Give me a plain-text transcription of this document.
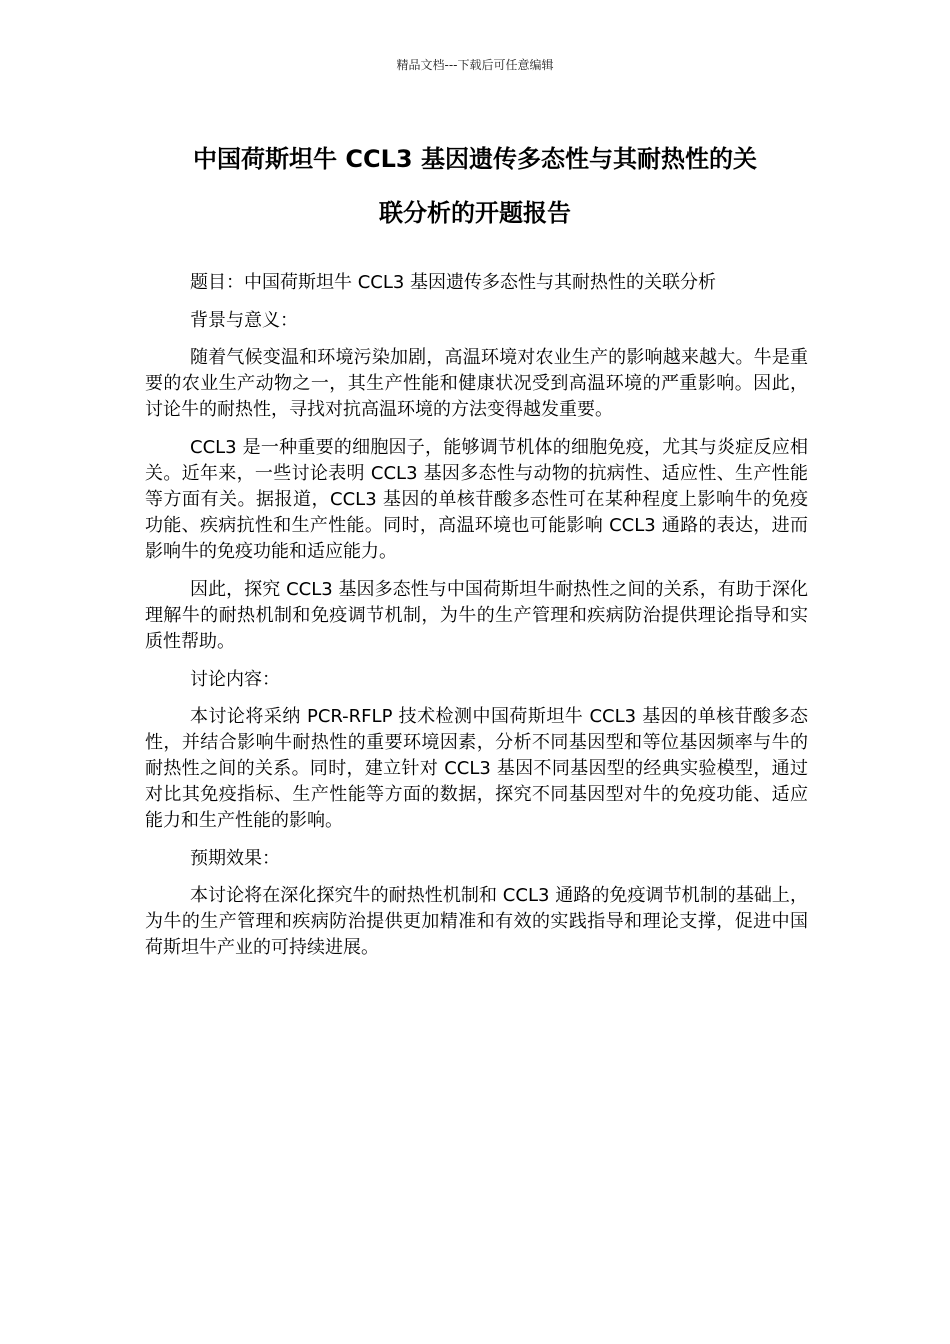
精品文档---下载后可任意编辑
中国荷斯坦牛 CCL3 基因遗传多态性与其耐热性的关
联分析的开题报告

题目：中国荷斯坦牛 CCL3 基因遗传多态性与其耐热性的关联分析

背景与意义：

随着气候变温和环境污染加剧，高温环境对农业生产的影响越来越大。牛是重要的农业生产动物之一，其生产性能和健康状况受到高温环境的严重影响。因此，讨论牛的耐热性，寻找对抗高温环境的方法变得越发重要。

CCL3 是一种重要的细胞因子，能够调节机体的细胞免疫，尤其与炎症反应相关。近年来，一些讨论表明 CCL3 基因多态性与动物的抗病性、适应性、生产性能等方面有关。据报道，CCL3 基因的单核苷酸多态性可在某种程度上影响牛的免疫功能、疾病抗性和生产性能。同时，高温环境也可能影响 CCL3 通路的表达，进而影响牛的免疫功能和适应能力。

因此，探究 CCL3 基因多态性与中国荷斯坦牛耐热性之间的关系，有助于深化理解牛的耐热机制和免疫调节机制，为牛的生产管理和疾病防治提供理论指导和实质性帮助。

讨论内容：

本讨论将采纳 PCR-RFLP 技术检测中国荷斯坦牛 CCL3 基因的单核苷酸多态性，并结合影响牛耐热性的重要环境因素，分析不同基因型和等位基因频率与牛的耐热性之间的关系。同时，建立针对 CCL3 基因不同基因型的经典实验模型，通过对比其免疫指标、生产性能等方面的数据，探究不同基因型对牛的免疫功能、适应能力和生产性能的影响。

预期效果：

本讨论将在深化探究牛的耐热性机制和 CCL3 通路的免疫调节机制的基础上，为牛的生产管理和疾病防治提供更加精准和有效的实践指导和理论支撑，促进中国荷斯坦牛产业的可持续进展。
